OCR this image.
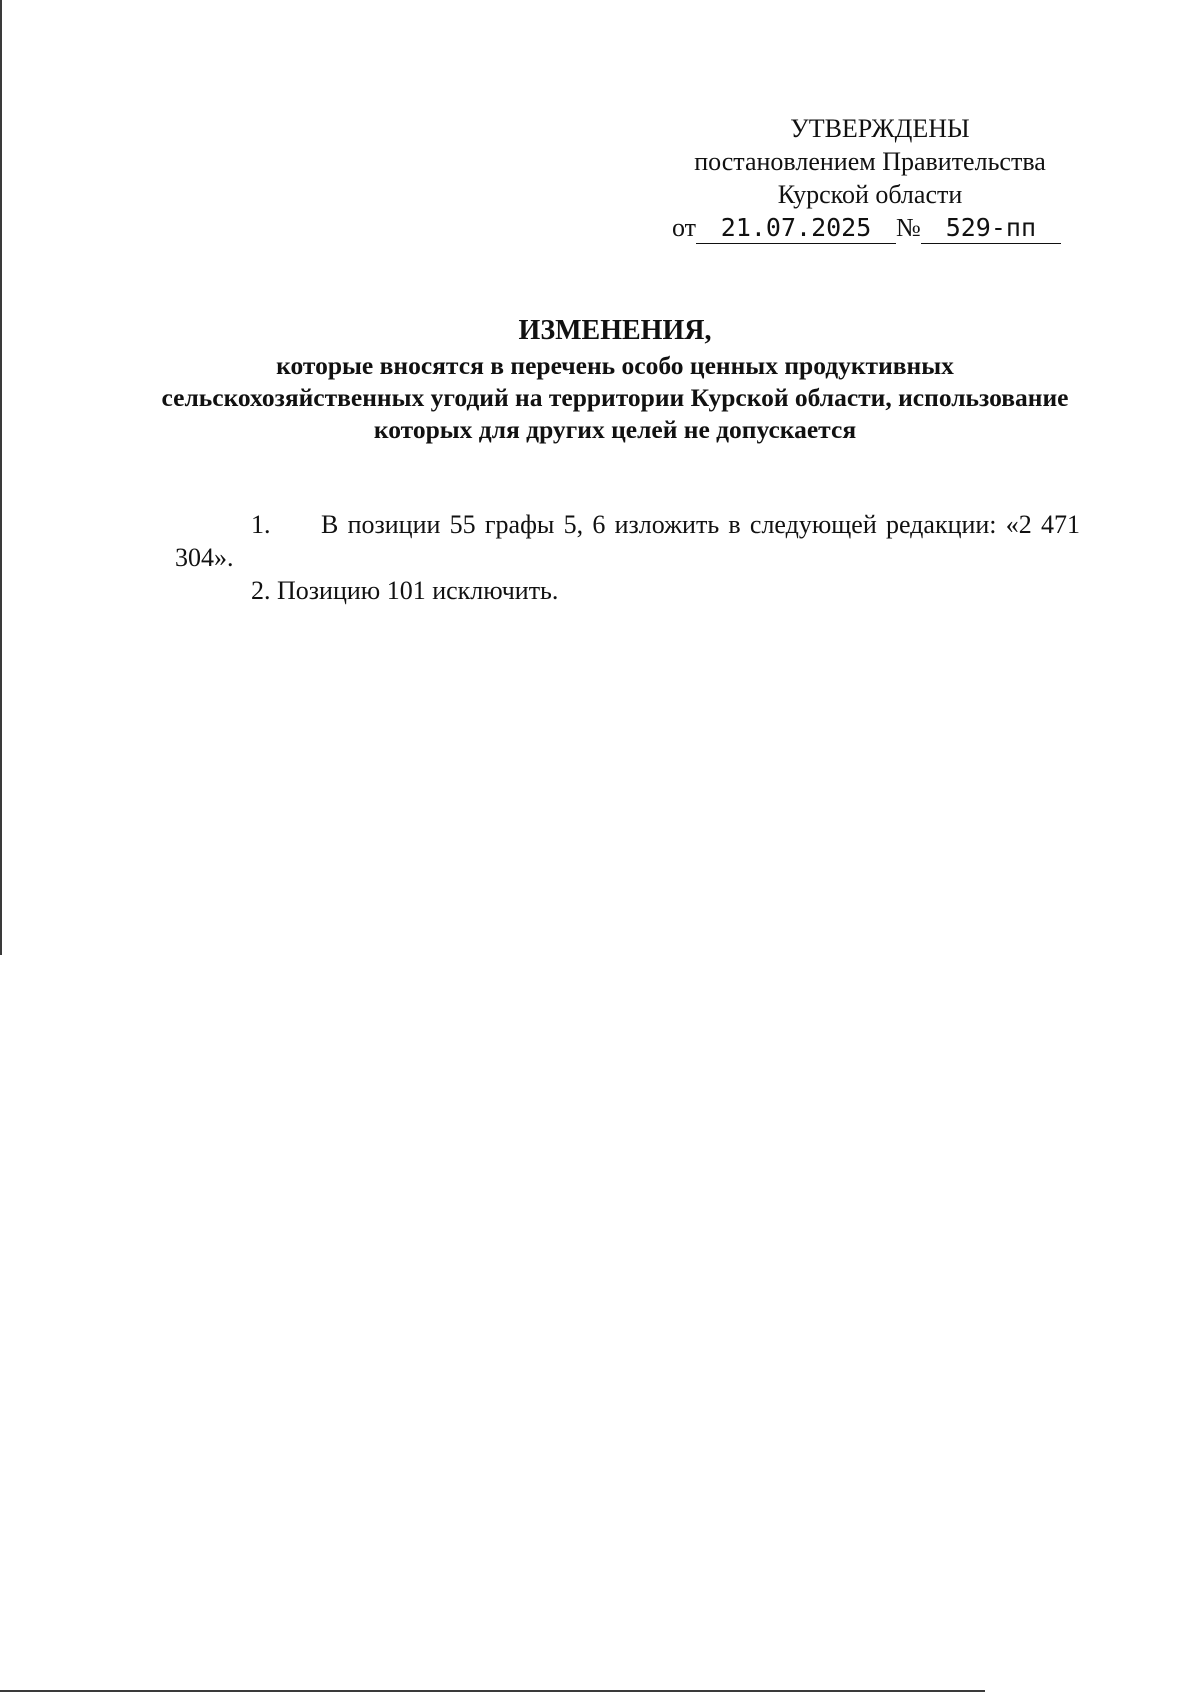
УТВЕРЖДЕНЫ
постановлением Правительства
Курской области
от 21.07.2025 № 529-пп

ИЗМЕНЕНИЯ,

которые вносятся в перечень особо ценных продуктивных сельскохозяйственных угодий на территории Курской области, использование которых для других целей не допускается

1. В позиции 55 графы 5, 6 изложить в следующей редакции: «2 471 304».

2. Позицию 101 исключить.
